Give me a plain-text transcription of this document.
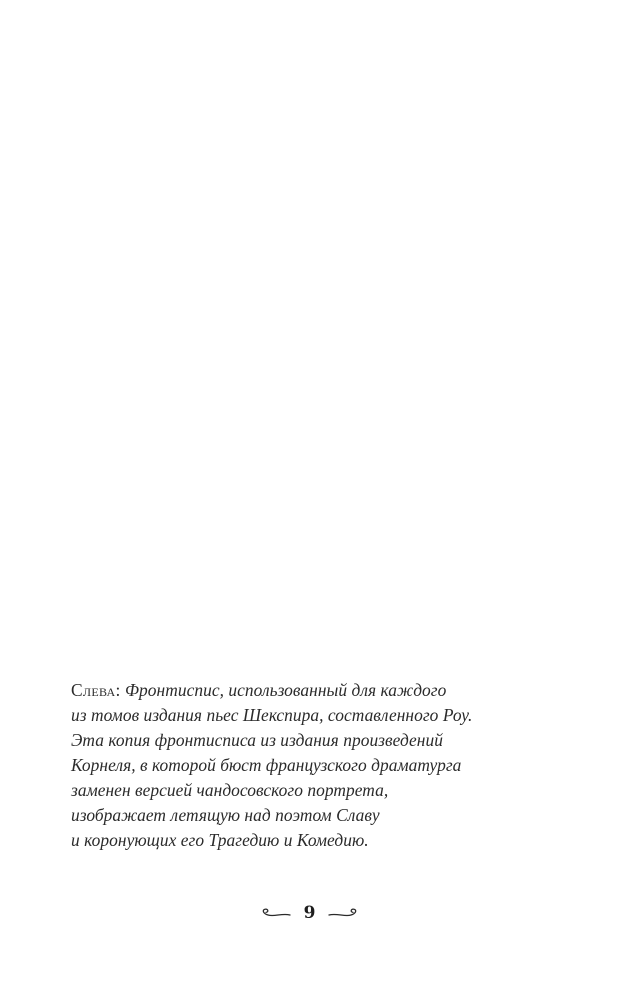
Слева: Фронтиспис, использованный для каждого
из томов издания пьес Шекспира, составленного Роу.
Эта копия фронтисписа из издания произведений
Корнеля, в которой бюст французского драматурга
заменен версией чандосовского портрета,
изображает летящую над поэтом Славу
и коронующих его Трагедию и Комедию.
9
